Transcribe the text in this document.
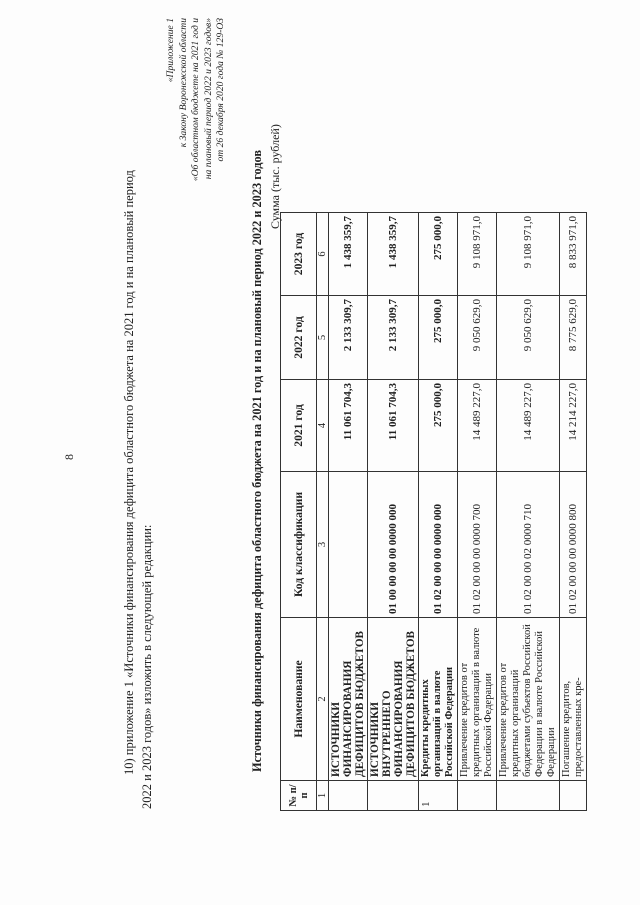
8	10) приложение 1 «Источники финансирования дефицита областного бюджета на 2021 год и на плановый период 2022 и 2023 годов» изложить в следующей редакции:
«Приложение 1 к Закону Воронежской области «Об областном бюджете на 2021 год и на плановый период 2022 и 2023 годов» от 26 декабря 2020 года № 129-ОЗ
Источники финансирования дефицита областного бюджета на 2021 год и на плановый период 2022 и 2023 годов Сумма (тыс. рублей)
№ п/п	Наименование	Код классификации	2021 год	2022 год	2023 год
1	2	3	4	5	6
	ИСТОЧНИКИ ФИНАНСИРОВАНИЯ ДЕФИЦИТОВ БЮДЖЕТОВ		11 061 704,3	2 133 309,7	1 438 359,7
	ИСТОЧНИКИ ВНУТРЕННЕГО ФИНАНСИРОВАНИЯ ДЕФИЦИТОВ БЮДЖЕТОВ	01 00 00 00 00 0000 000	11 061 704,3	2 133 309,7	1 438 359,7
1	Кредиты кредитных организаций в валюте Российской Федерации	01 02 00 00 00 0000 000	275 000,0	275 000,0	275 000,0
	Привлечение кредитов от кредитных организаций в валюте Российской Федерации	01 02 00 00 00 0000 700	14 489 227,0	9 050 629,0	9 108 971,0
	Привлечение кредитов от кредитных организаций бюджетами субъектов Российской Федерации в валюте Российской Федерации	01 02 00 00 02 0000 710	14 489 227,0	9 050 629,0	9 108 971,0
	Погашение кредитов, предоставленных кре-	01 02 00 00 00 0000 800	14 214 227,0	8 775 629,0	8 833 971,0
